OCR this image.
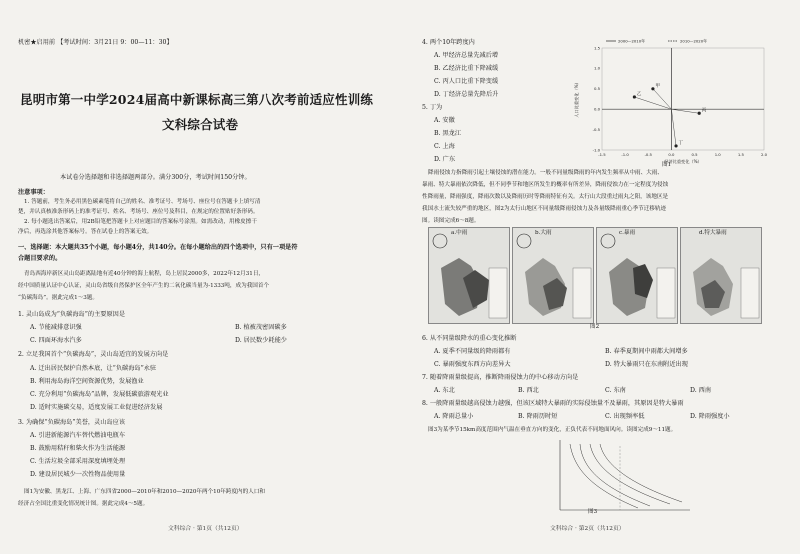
机密★启用前 【考试时间：3月21日 9：00—11：30】
昆明市第一中学2024届高中新课标高三第八次考前适应性训练
文科综合试卷
本试卷分选择题和非选择题两部分。满分300分，考试时间150分钟。
注意事项：
1. 答题前，考生务必用黑色碳素笔将自己的姓名、准考证号、考场号、座位号在答题卡上填写清
楚，并认真核准条形码上的准考证号、姓名、考场号、座位号及科目，在规定的位置贴好条形码。
2. 每小题选出答案后，用2B铅笔把答题卡上对应题目的答案标号涂黑。如需改动，用橡皮擦干
净后，再选涂其他答案标号。答在试卷上的答案无效。
一、选择题：本大题共35个小题，每小题4分，共140分。在每小题给出的四个选项中，只有一项是符
合题目要求的。
青岛西海岸新区灵山岛距离陆地有近40分钟的海上航程，岛上居民2000多，2022年12月31日，
经中国质量认证中心认证，灵山岛省级自然保护区全年产生的二氧化碳当量为-1333吨，成为我国首个
“负碳海岛”。据此完成1～3题。
1. 灵山岛成为“负碳海岛”的主要原因是
A. 节能减排意识强	B. 植被茂密固碳多
C. 四面环海水汽多	D. 居民数少耗能少
2. 立足我国首个“负碳海岛”，灵山岛适宜的发展方向是
A. 迁出居民保护自然本底，让“负碳海岛”永驻
B. 利用海岛海洋空间资源优势，发展渔业
C. 充分利用“负碳海岛”品牌，发展低碳旅游观光业
D. 适时实施碳交易，适度发展工业促进经济发展
3. 为确保“负碳海岛”美誉，灵山岛应该
A. 引进新能源汽车替代燃油电瓶车
B. 鼓励用秸秆和柴火作为生活能源
C. 生活垃圾全部采用深度填埋处理
D. 建设居民城少一次性物品使用量
图1为安徽、黑龙江、上海、广东四省2000—2010年和2010—2020年两个10年跨度内的人口和
经济占全国比重变化情况统计图。据此完成4～5题。
文科综合 · 第1页（共12页）
4. 两个10年跨度内
A. 甲经济总量先减后增
B. 乙经济比重下降减缓
C. 丙人口比重下降变缓
D. 丁经济总量先降后升
5. 丁为
A. 安徽
B. 黑龙江
C. 上海
D. 广东
-1.5	-1.0	-0.5	0.0	0.5	1.0	1.5	2.0
-1.0
-0.5
0.0
0.5
1.0
1.5
经济比重变化（%）
人口比重变化（%）
2000—2010年	2010—2020年
甲
乙
丙
丁
图1
降雨侵蚀力指降雨引起土壤侵蚀的潜在能力。一般不同量级降雨的年内发生频率从中雨、大雨、
暴雨、特大暴雨依次降低，但不同季节和地区所发生的概率有所差异，降雨侵蚀力在一定程度为侵蚀
性降雨量，降雨强度，降雨次数以及降雨历时等降雨特征有关。太行山大段重过雨丸之阳，该地区是
我国水土流失较严重的地区，图2为太行山地区不同量级降雨侵蚀力及各量级降雨重心季节迁移轨迹
图。读图完成6～8题。
a.中雨	b.大雨	c.暴雨	d.特大暴雨
图2
6. 从不同量级降水的重心变化推断
A. 夏季不同量级的降雨都有	B. 春季夏期间中雨都大间增多
C. 暴雨强度东西方向差异大	D. 特大暴雨只在东南附近出现
7. 随着降雨量级提高，推断降雨侵蚀力的中心移动方向是
A. 东北	B. 西北	C. 东南	D. 西南
8. 一般降雨量级越高侵蚀力越强，但该区域特大暴雨的实际侵蚀量不及暴雨，其原因是特大暴雨
A. 降雨总量小	B. 降雨历时短	C. 出现频率低	D. 降雨强度小
图3为某季节15km高度范围内气温在垂直方向的变化，正负代表不同地面风向。读图完成9～11题。
图3
文科综合 · 第2页（共12页）
